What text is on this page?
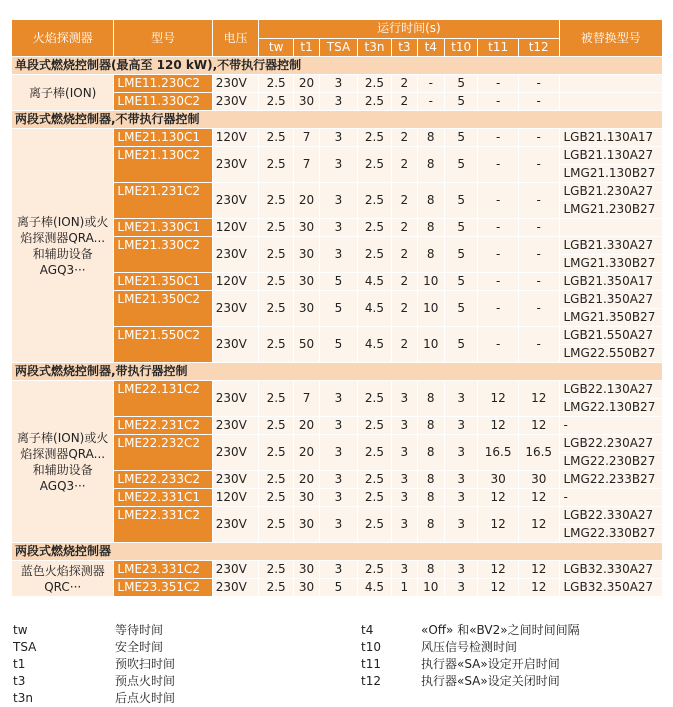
火焰探测器	型号	电压	运行时间(s)									被替换型号
			tw	t1	TSA	t3n	t3	t4	t10	t11	t12	
单段式燃烧控制器(最高至 120 kW),不带执行器控制												
离子棒(ION)	LME11.230C2	230V	2.5	20	3	2.5	2	-	5	-	-	
	LME11.330C2	230V	2.5	30	3	2.5	2	-	5	-	-	
两段式燃烧控制器,不带执行器控制												
离子棒(ION)或火焰探测器QRA...和辅助设备AGQ3···	LME21.130C1	120V	2.5	7	3	2.5	2	8	5	-	-	LGB21.130A17
	LME21.130C2	230V	2.5	7	3	2.5	2	8	5	-	-	LGB21.130A27
												LMG21.130B27
	LME21.231C2	230V	2.5	20	3	2.5	2	8	5	-	-	LGB21.230A27
												LMG21.230B27
	LME21.330C1	120V	2.5	30	3	2.5	2	8	5	-	-	
	LME21.330C2	230V	2.5	30	3	2.5	2	8	5	-	-	LGB21.330A27
												LMG21.330B27
	LME21.350C1	120V	2.5	30	5	4.5	2	10	5	-	-	LGB21.350A17
	LME21.350C2	230V	2.5	30	5	4.5	2	10	5	-	-	LGB21.350A27
												LMG21.350B27
	LME21.550C2	230V	2.5	50	5	4.5	2	10	5	-	-	LGB21.550A27
												LMG22.550B27
两段式燃烧控制器,带执行器控制												
离子棒(ION)或火焰探测器QRA...和辅助设备AGQ3···	LME22.131C2	230V	2.5	7	3	2.5	3	8	3	12	12	LGB22.130A27
												LMG22.130B27
	LME22.231C2	230V	2.5	20	3	2.5	3	8	3	12	12	-
	LME22.232C2	230V	2.5	20	3	2.5	3	8	3	16.5	16.5	LGB22.230A27
												LMG22.230B27
	LME22.233C2	230V	2.5	20	3	2.5	3	8	3	30	30	LMG22.233B27
	LME22.331C1	120V	2.5	30	3	2.5	3	8	3	12	12	-
	LME22.331C2	230V	2.5	30	3	2.5	3	8	3	12	12	LGB22.330A27
												LMG22.330B27
两段式燃烧控制器												
蓝色火焰探测器QRC···	LME23.331C2	230V	2.5	30	3	2.5	3	8	3	12	12	LGB32.330A27
	LME23.351C2	230V	2.5	30	5	4.5	1	10	3	12	12	LGB32.350A27
tw	等待时间	t4	«Off» 和«BV2»之间时间间隔
TSA	安全时间	t10	风压信号检测时间
t1	预吹扫时间	t11	执行器«SA»设定开启时间
t3	预点火时间	t12	执行器«SA»设定关闭时间
t3n	后点火时间
